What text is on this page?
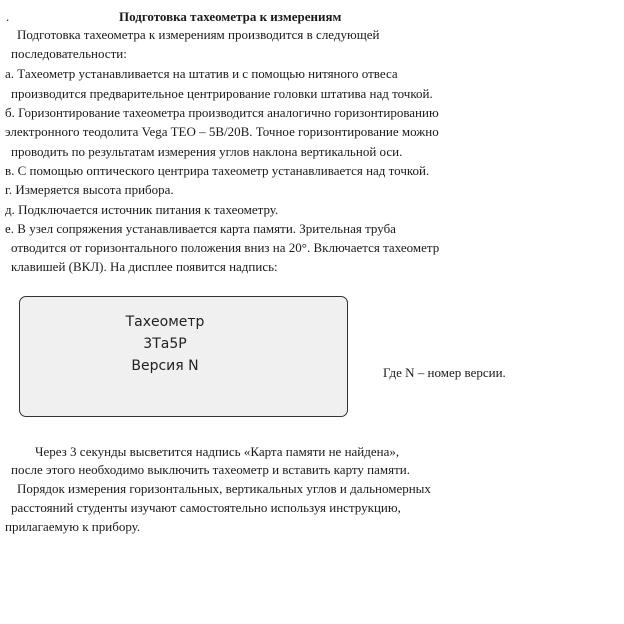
.	Подготовка тахеометра к измерениям
Подготовка тахеометра к измерениям производится в следующей
последовательности:
а. Тахеометр устанавливается на штатив и с помощью нитяного отвеса
производится предварительное центрирование головки штатива над точкой.
б. Горизонтирование тахеометра производится аналогично горизонтированию
электронного теодолита Vega TEO – 5B/20B. Точное горизонтирование можно
проводить по результатам измерения углов наклона вертикальной оси.
в. С помощью оптического центрира тахеометр устанавливается над точкой.
г. Измеряется высота прибора.
д. Подключается источник питания к тахеометру.
е. В узел сопряжения устанавливается карта памяти. Зрительная труба
отводится от горизонтального положения вниз на 20°. Включается тахеометр
клавишей (ВКЛ). На дисплее появится надпись:
Тахеометр
3Та5Р
Версия N	Где N – номер версии.
Через 3 секунды высветится надпись «Карта памяти не найдена»,
после этого необходимо выключить тахеометр и вставить карту памяти.
Порядок измерения горизонтальных, вертикальных углов и дальномерных
расстояний студенты изучают самостоятельно используя инструкцию,
прилагаемую к прибору.
